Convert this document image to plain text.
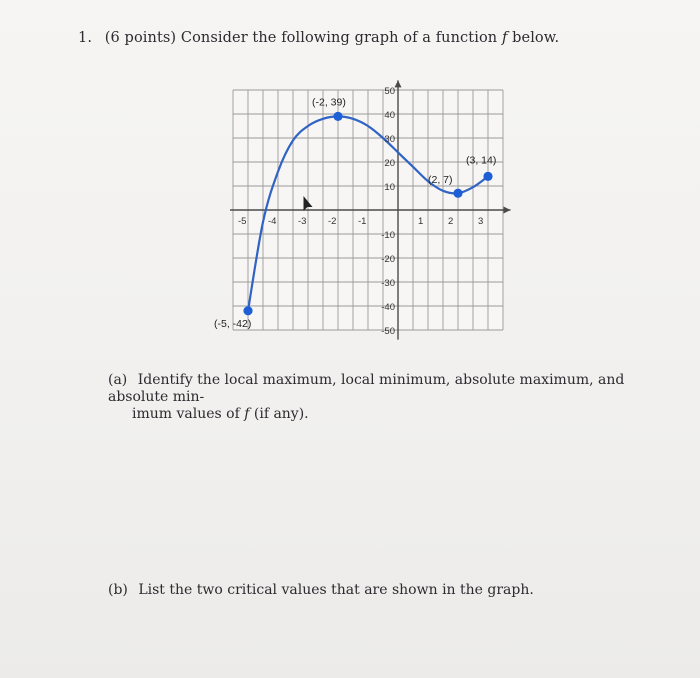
1. (6 points) Consider the following graph of a function f below.
-5 -4 -3 -2 -1	1	2	3
50
40
30
20
10
-10
-20
-30
-40
-50
(-5, -42)
(-2, 39)
(2, 7)
(3, 14)
(a) Identify the local maximum, local minimum, absolute maximum, and absolute min-
imum values of f (if any).
(b) List the two critical values that are shown in the graph.
